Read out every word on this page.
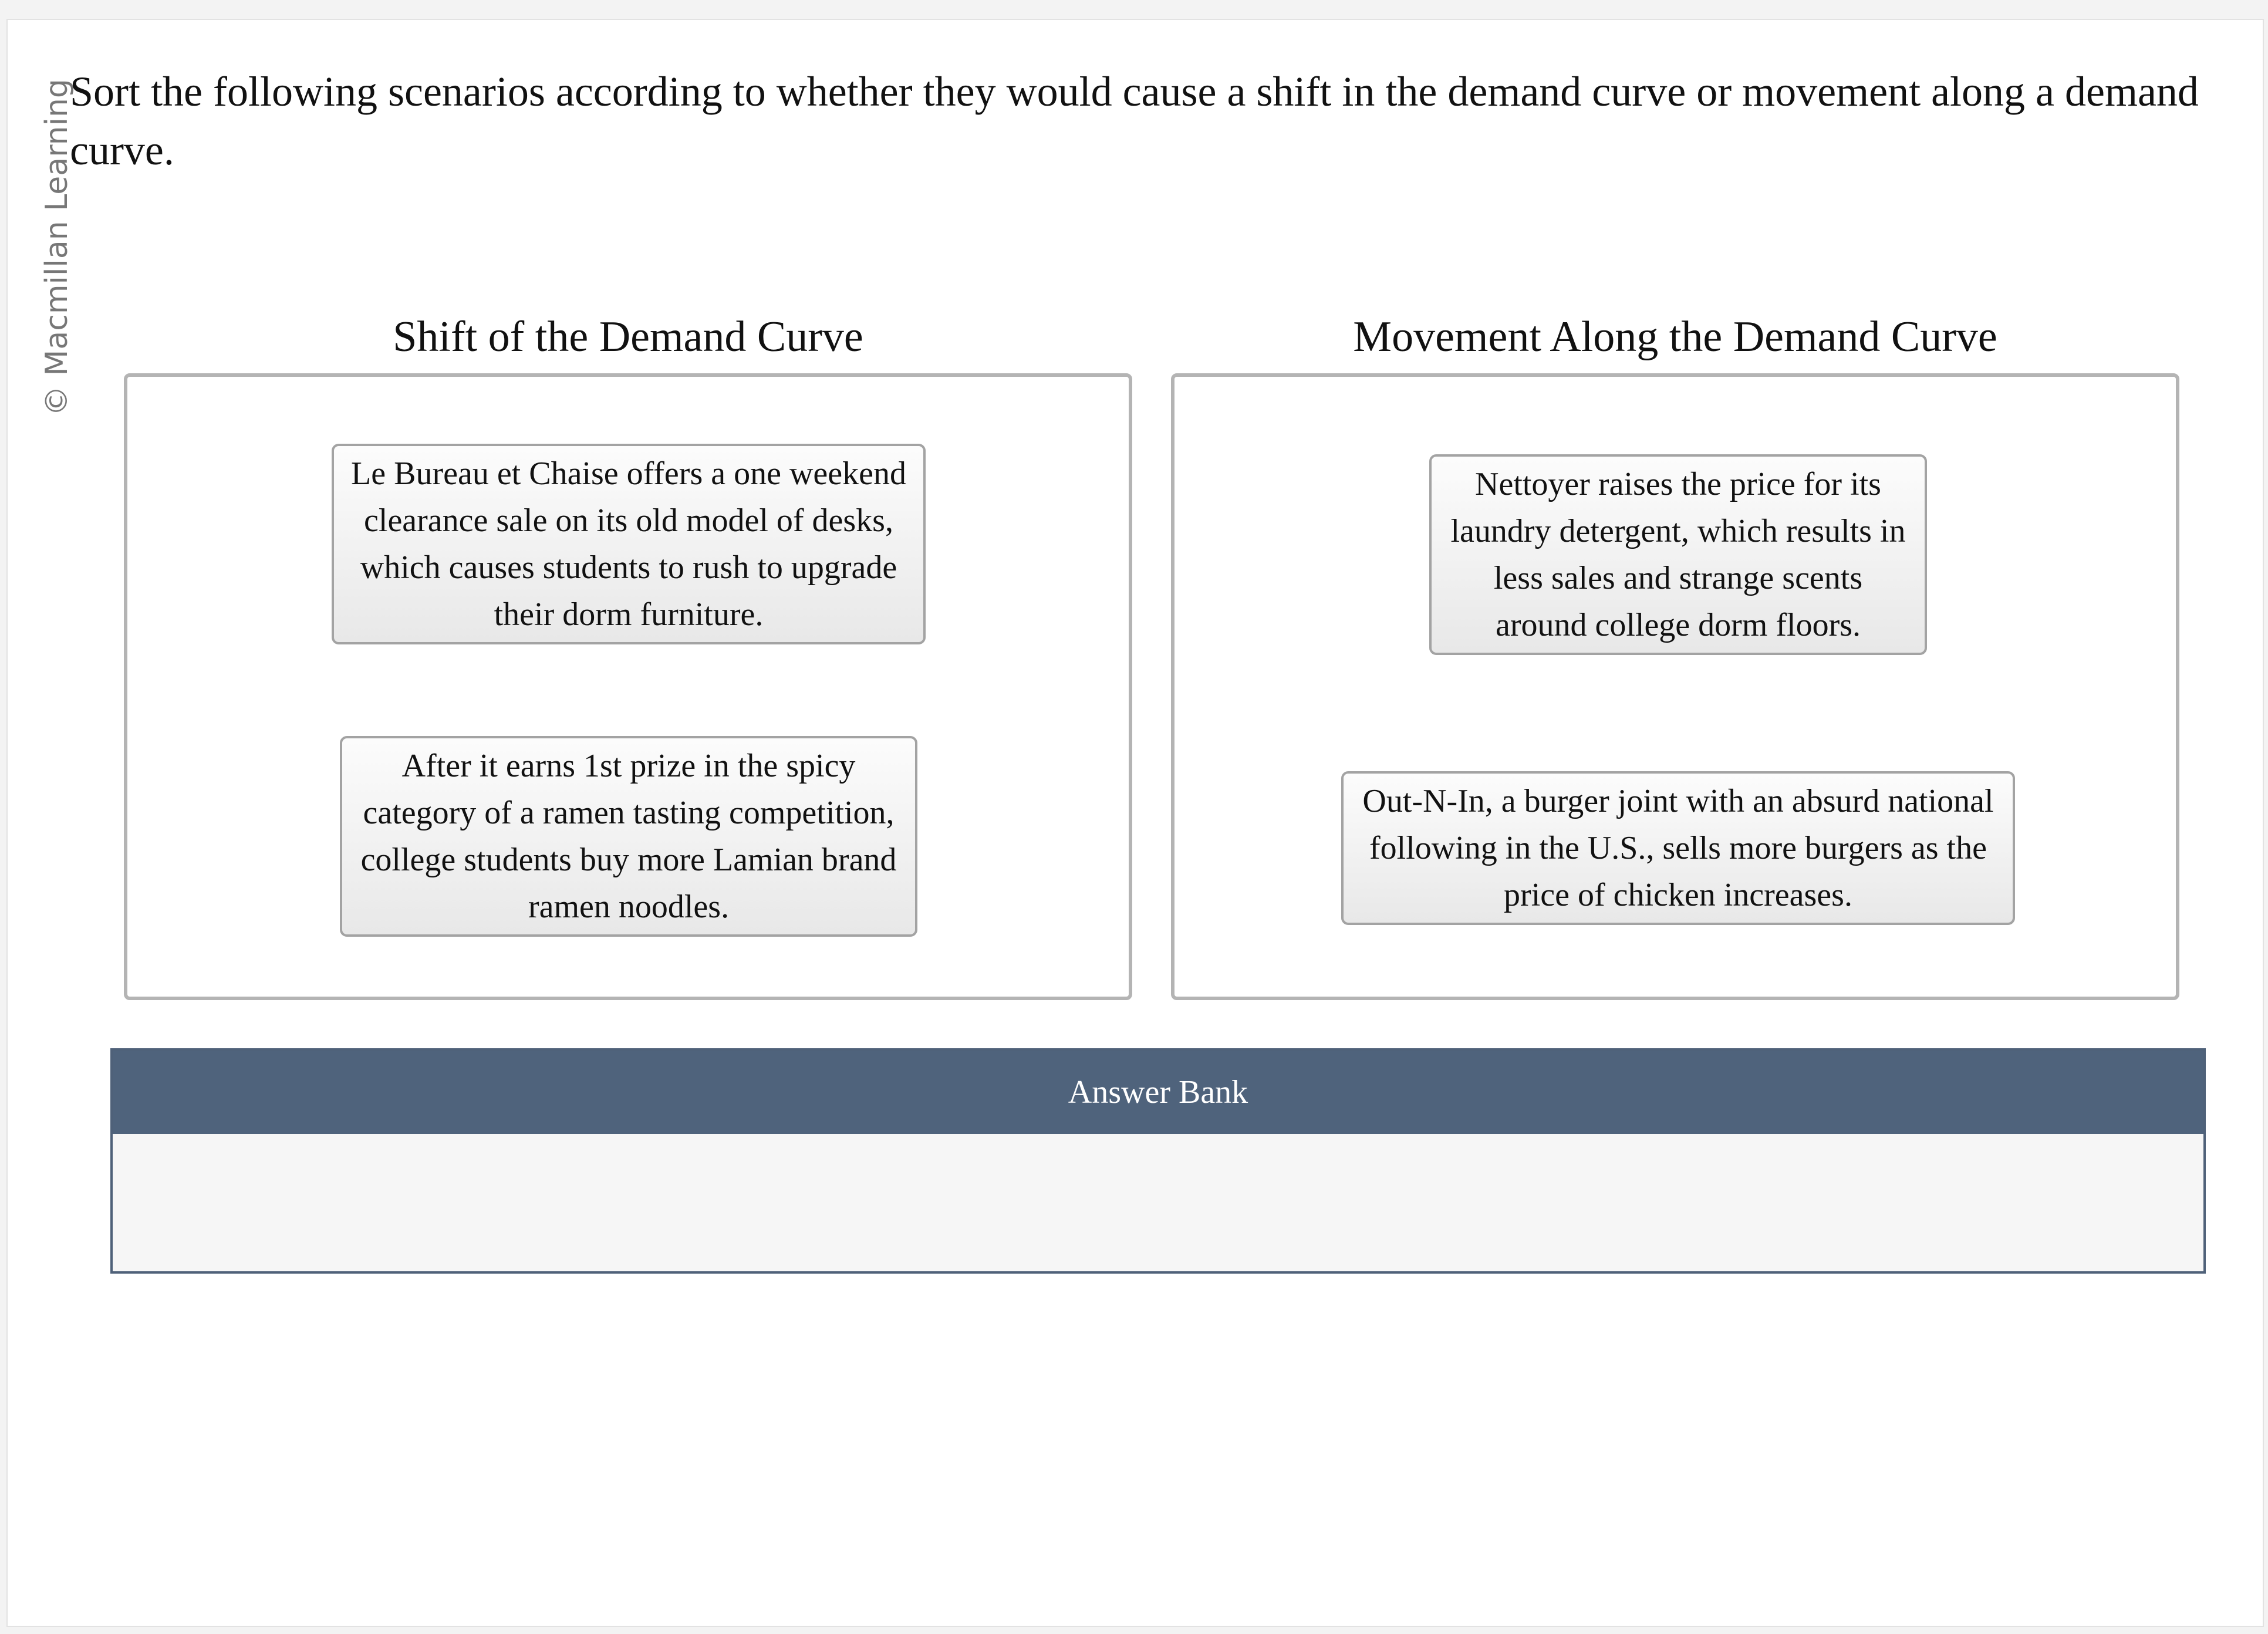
© Macmillan Learning

Sort the following scenarios according to whether they would cause a shift in the demand curve or movement along a demand curve.

Shift of the Demand Curve
Le Bureau et Chaise offers a one weekend clearance sale on its old model of desks, which causes students to rush to upgrade their dorm furniture.
After it earns 1st prize in the spicy category of a ramen tasting competition, college students buy more Lamian brand ramen noodles.
Movement Along the Demand Curve
Nettoyer raises the price for its laundry detergent, which results in less sales and strange scents around college dorm floors.
Out-N-In, a burger joint with an absurd national following in the U.S., sells more burgers as the price of chicken increases.
Answer Bank
